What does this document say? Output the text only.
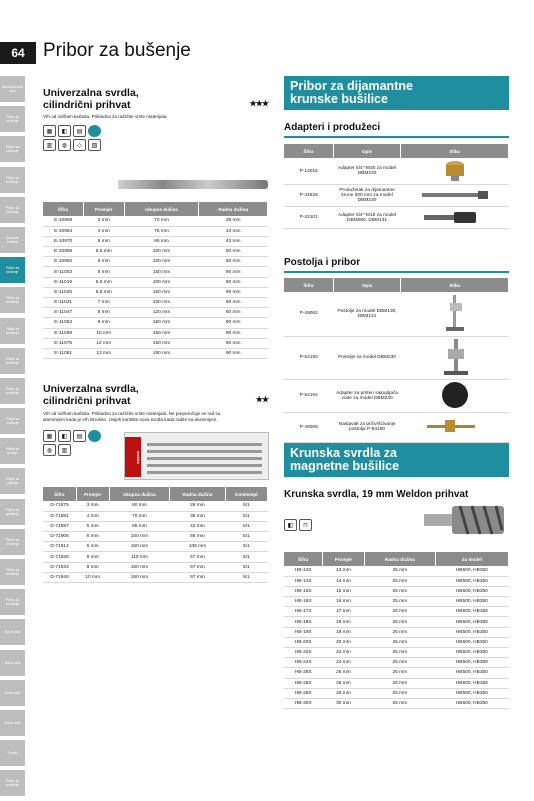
64 Pribor za bušenje
Akumulatorski alati
Pribor za bušenje
Pribor za bušenje
Pribor za bušenje
Pribor za bušenje
Krunske bušilice
Pribor za bušenje
Pribor za brušenje
Pribor za brušenje
Pribor za brušenje
Pribor za brušenje
Pribor za brušenje
Pribor za rezanje
Pribor za piljenje
Pribor za glodanje
Pribor za brušenje
Pribor za brušenje
Pribor za brušenje
Ručni alati
Ručni alati
Ručni alati
Ručni alati
Ostalo
Pribor za brušenje
Univerzalna svrdla,
cilindrični prihvat	★★★
Vrh od volfram karbida. Prikladna za različite vrste materijala.
▦	◧	▤
▥	◍	◇	▧
Šifra	Promjer	Ukupna dužina	Radna dužina
E-10958	3 mm	70 mm	38 mm
E-10964	4 mm	75 mm	43 mm
E-10970	5 mm	85 mm	43 mm
E-10986	5.5 mm	100 mm	50 mm
E-10992	6 mm	100 mm	50 mm
E-11003	6 mm	150 mm	90 mm
E-11019	6.5 mm	100 mm	50 mm
E-11025	6.5 mm	150 mm	90 mm
E-11031	7 mm	100 mm	50 mm
E-11047	8 mm	120 mm	60 mm
E-11053	8 mm	150 mm	90 mm
E-11069	10 mm	150 mm	90 mm
E-11075	12 mm	150 mm	90 mm
E-11081	13 mm	150 mm	90 mm
Univerzalna svrdla,
cilindrični prihvat	★★
Vrh od volfram karbida. Prikladna za različite vrste materijala. Ne preporučuje se rad su
aluminijem kada je vrh istrošen. Uvijek koristite nova svrdla kada radite sa aluminijem.
▦	◧	▤
◍	▥
makita
Šifra	Promjer	Ukupna dužina	Radna dužina	Komlompl
D-71875	3 mm	60 mm	28 mm	5/1
D-71881	4 mm	70 mm	35 mm	5/1
D-71897	5 mm	85 mm	43 mm	5/1
D-71906	6 mm	100 mm	58 mm	5/1
D-71912	6 mm	150 mm	108 mm	5/1
D-71928	8 mm	110 mm	57 mm	5/1
D-71934	8 mm	150 mm	97 mm	5/1
D-71940	10 mm	150 mm	97 mm	5/1
Pribor za dijamantne
krunske bušilice
Adapteri i produžeci
Šifra	Opis	Slika
P-14015	Adapter 5/4"-M30 za model DBM230	
P-41626	Produžetak za dijamantne krune 300 mm za model DBM230	
P-42101	Adapter 5/4"-M18 za model DBM080, DBM131	
Postolja i pribor
Šifra	Opis	Slika
P-49062	Postolje za model DBM130, DBM131	
P-54190	Postolje za model DBM230	
P-54184	Adapter za prsten sakupljača vode za model DBM230	
P-49008	Nastavak za pričvršćivanje postolja P-54190	
Krunska svrdla za
magnetne bušilice
Krunska svrdla, 19 mm Weldon prihvat
◧	⊓
Šifra	Promjer	Radna dužina	Za model
HB-13S	13 mm	25 mm	HB500, HB350
HB-14S	14 mm	25 mm	HB500, HB350
HB-15S	15 mm	25 mm	HB500, HB350
HB-16S	16 mm	25 mm	HB500, HB350
HB-17S	17 mm	25 mm	HB500, HB350
HB-18S	18 mm	25 mm	HB500, HB350
HB-19S	19 mm	25 mm	HB500, HB350
HB-20S	20 mm	25 mm	HB500, HB350
HB-22S	22 mm	25 mm	HB500, HB350
HB-24S	24 mm	25 mm	HB500, HB350
HB-25S	25 mm	25 mm	HB500, HB350
HB-26S	26 mm	25 mm	HB500, HB350
HB-28S	28 mm	25 mm	HB500, HB350
HB-30S	30 mm	25 mm	HB500, HB350
